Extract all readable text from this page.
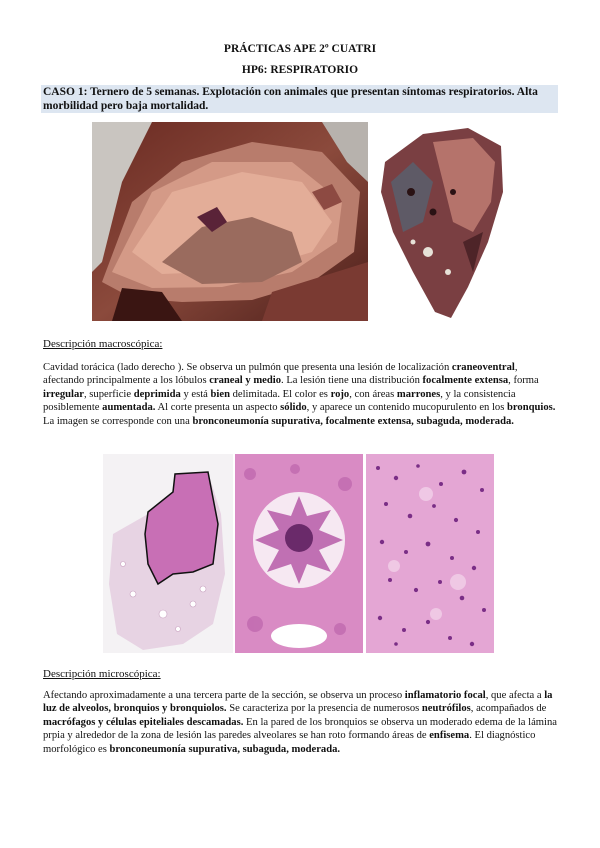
PRÁCTICAS APE 2º CUATRI
HP6: RESPIRATORIO
CASO 1: Ternero de 5 semanas. Explotación con animales que presentan síntomas respiratorios. Alta morbilidad pero baja mortalidad.
Descripción macroscópica:
Cavidad torácica (lado derecho ). Se observa un pulmón que presenta una lesión de localización craneoventral, afectando principalmente a los lóbulos craneal y medio. La lesión tiene una distribución focalmente extensa, forma irregular, superficie deprimida y está bien delimitada. El color es rojo, con áreas marrones, y la consistencia posiblemente aumentada. Al corte presenta un aspecto sólido, y aparece un contenido mucopurulento en los bronquios. La imagen se corresponde con una bronconeumonía supurativa, focalmente extensa, subaguda, moderada.
Descripción microscópica:
Afectando aproximadamente a una tercera parte de la sección, se observa un proceso inflamatorio focal, que afecta a la luz de alveolos, bronquios y bronquiolos. Se caracteriza por la presencia de numerosos neutrófilos, acompañados de macrófagos y células epiteliales descamadas. En la pared de los bronquios se observa un moderado edema de la lámina prpia y alrededor de la zona de lesión las paredes alveolares se han roto formando áreas de enfisema. El diagnóstico morfológico es bronconeumonía supurativa, subaguda, moderada.
